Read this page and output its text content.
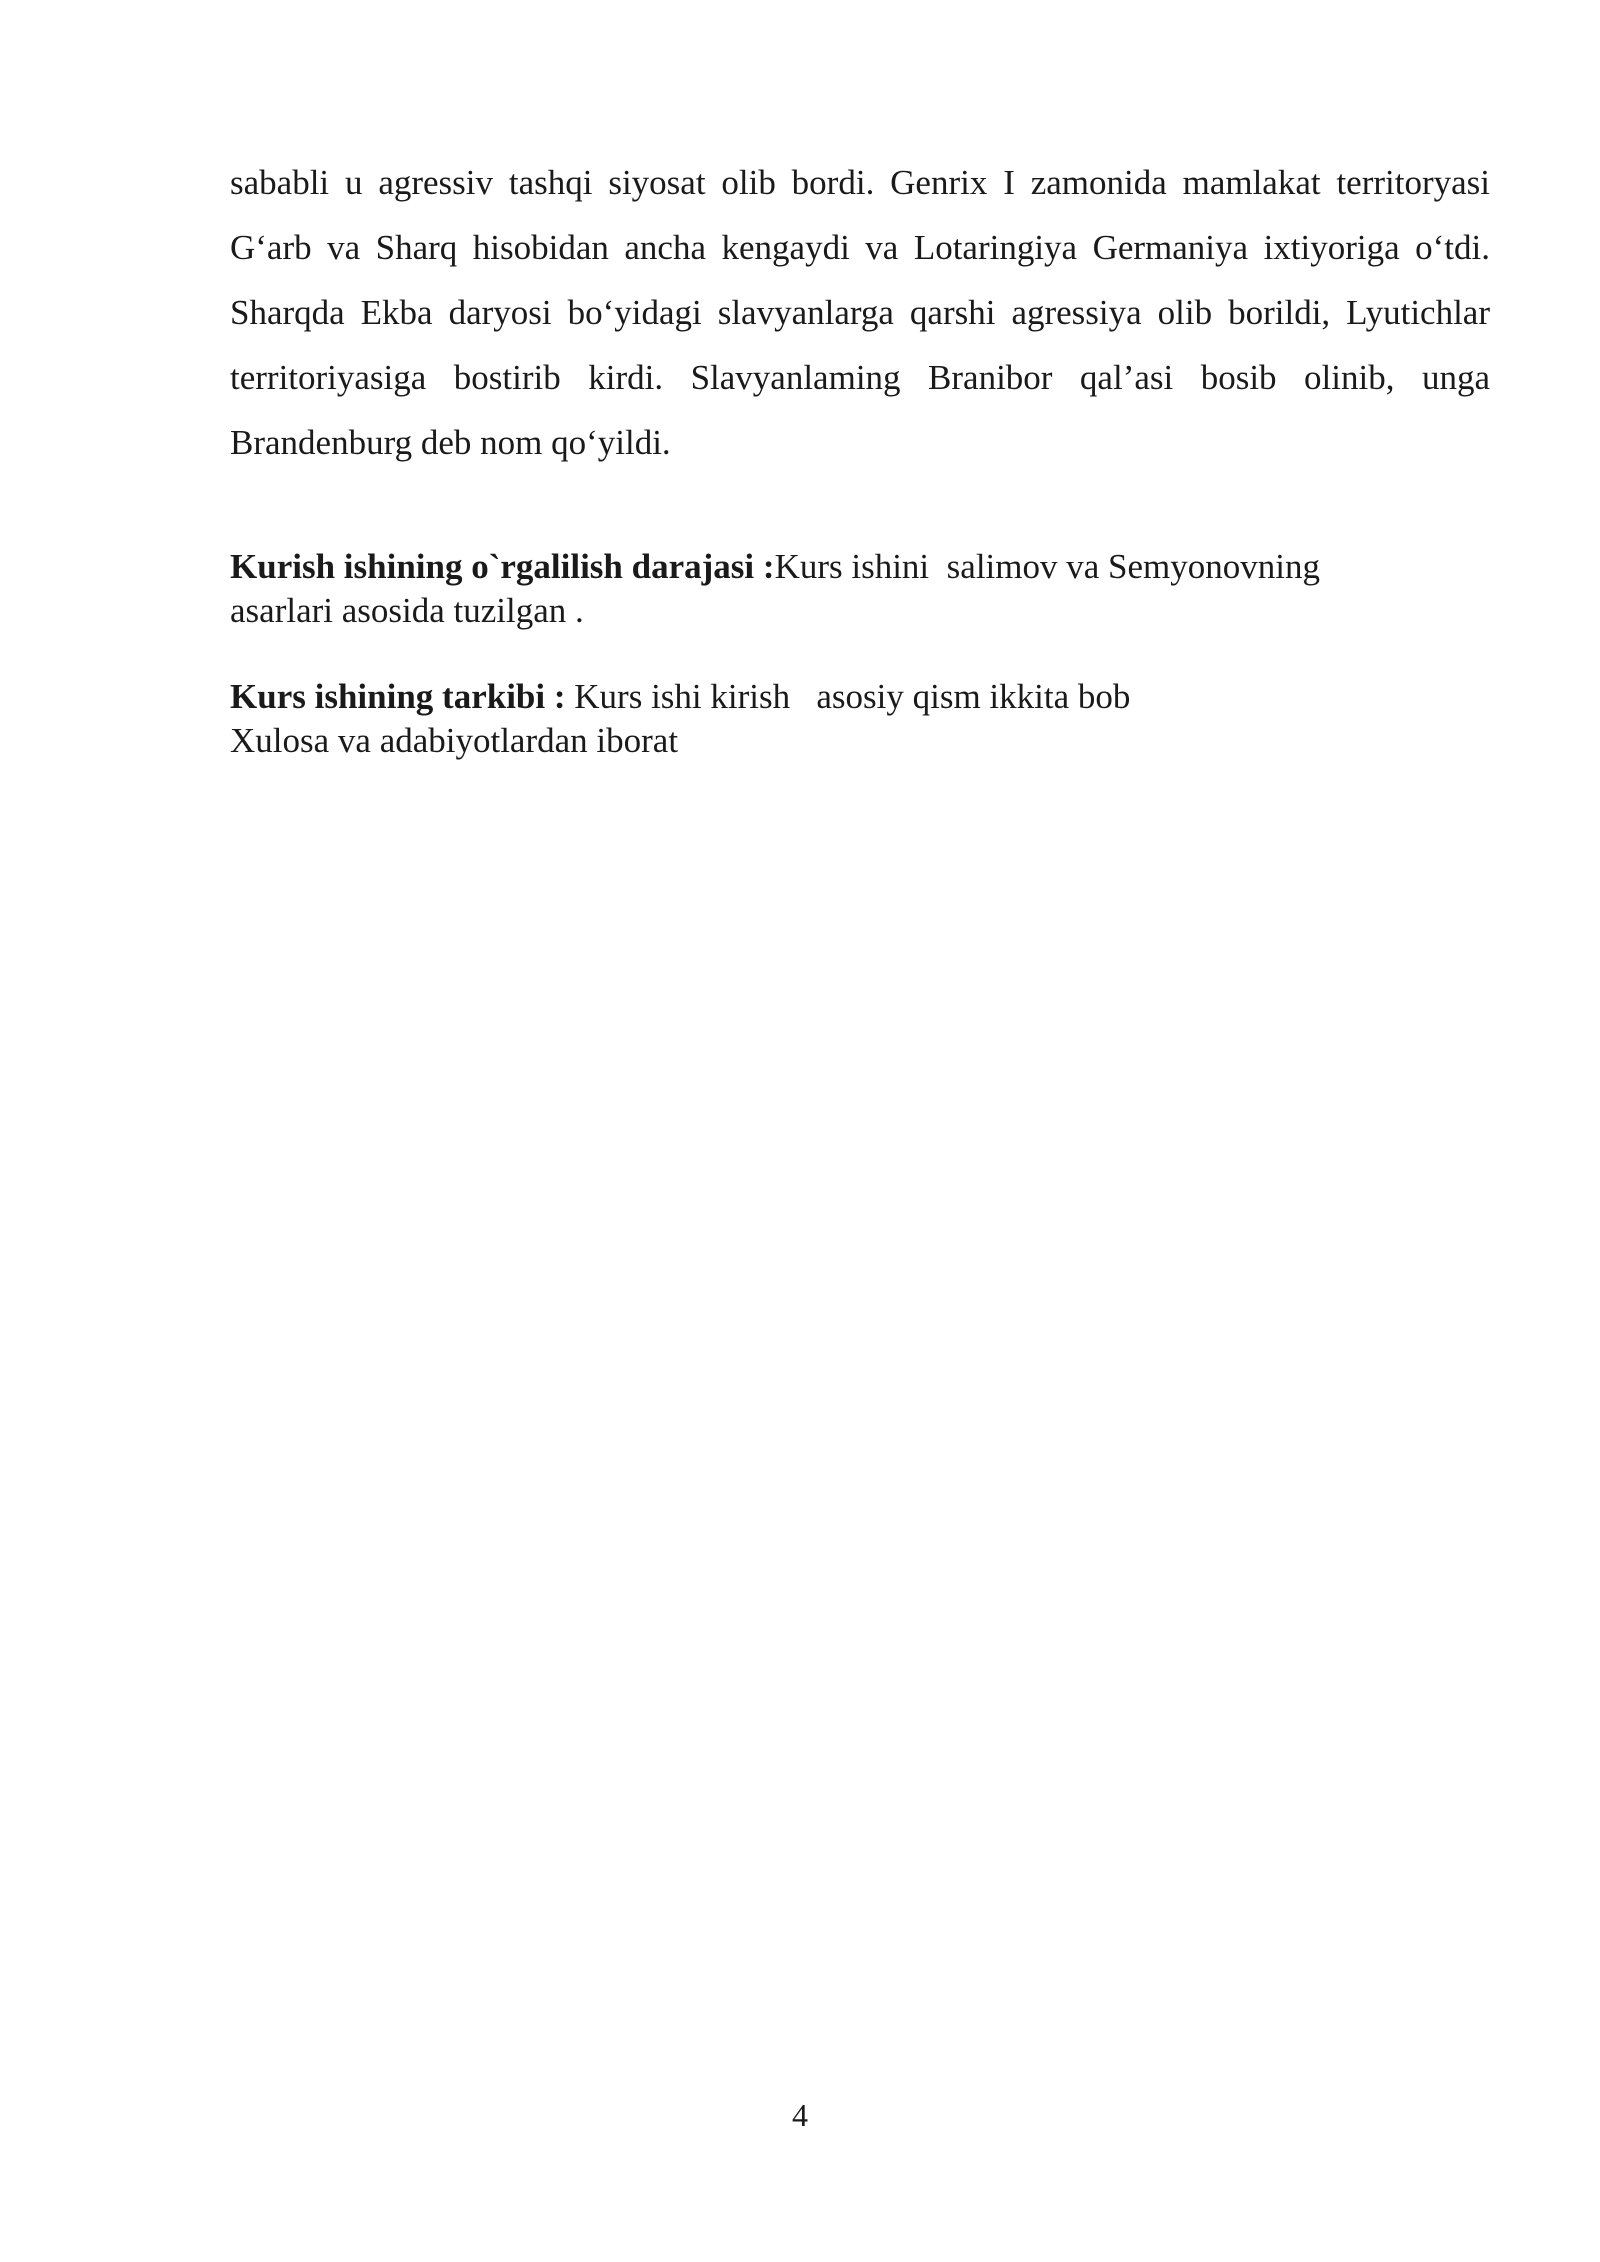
sababli u agressiv tashqi siyosat olib bordi. Genrix I zamonida mamlakat territoryasi G‘arb va Sharq hisobidan ancha kengaydi va Lotaringiya Germaniya ixtiyoriga o‘tdi. Sharqda Ekba daryosi bo‘yidagi slavyanlarga qarshi agressiya olib borildi, Lyutichlar territoriyasiga bostirib kirdi. Slavyanlaming Branibor qal’asi bosib olinib, unga Brandenburg deb nom qo‘yildi.

Kurish ishining o`rgalilish darajasi :Kurs ishini  salimov va Semyonovning
asarlari asosida tuzilgan .
Kurs ishining tarkibi : Kurs ishi kirish   asosiy qism ikkita bob
Xulosa va adabiyotlardan iborat
4
